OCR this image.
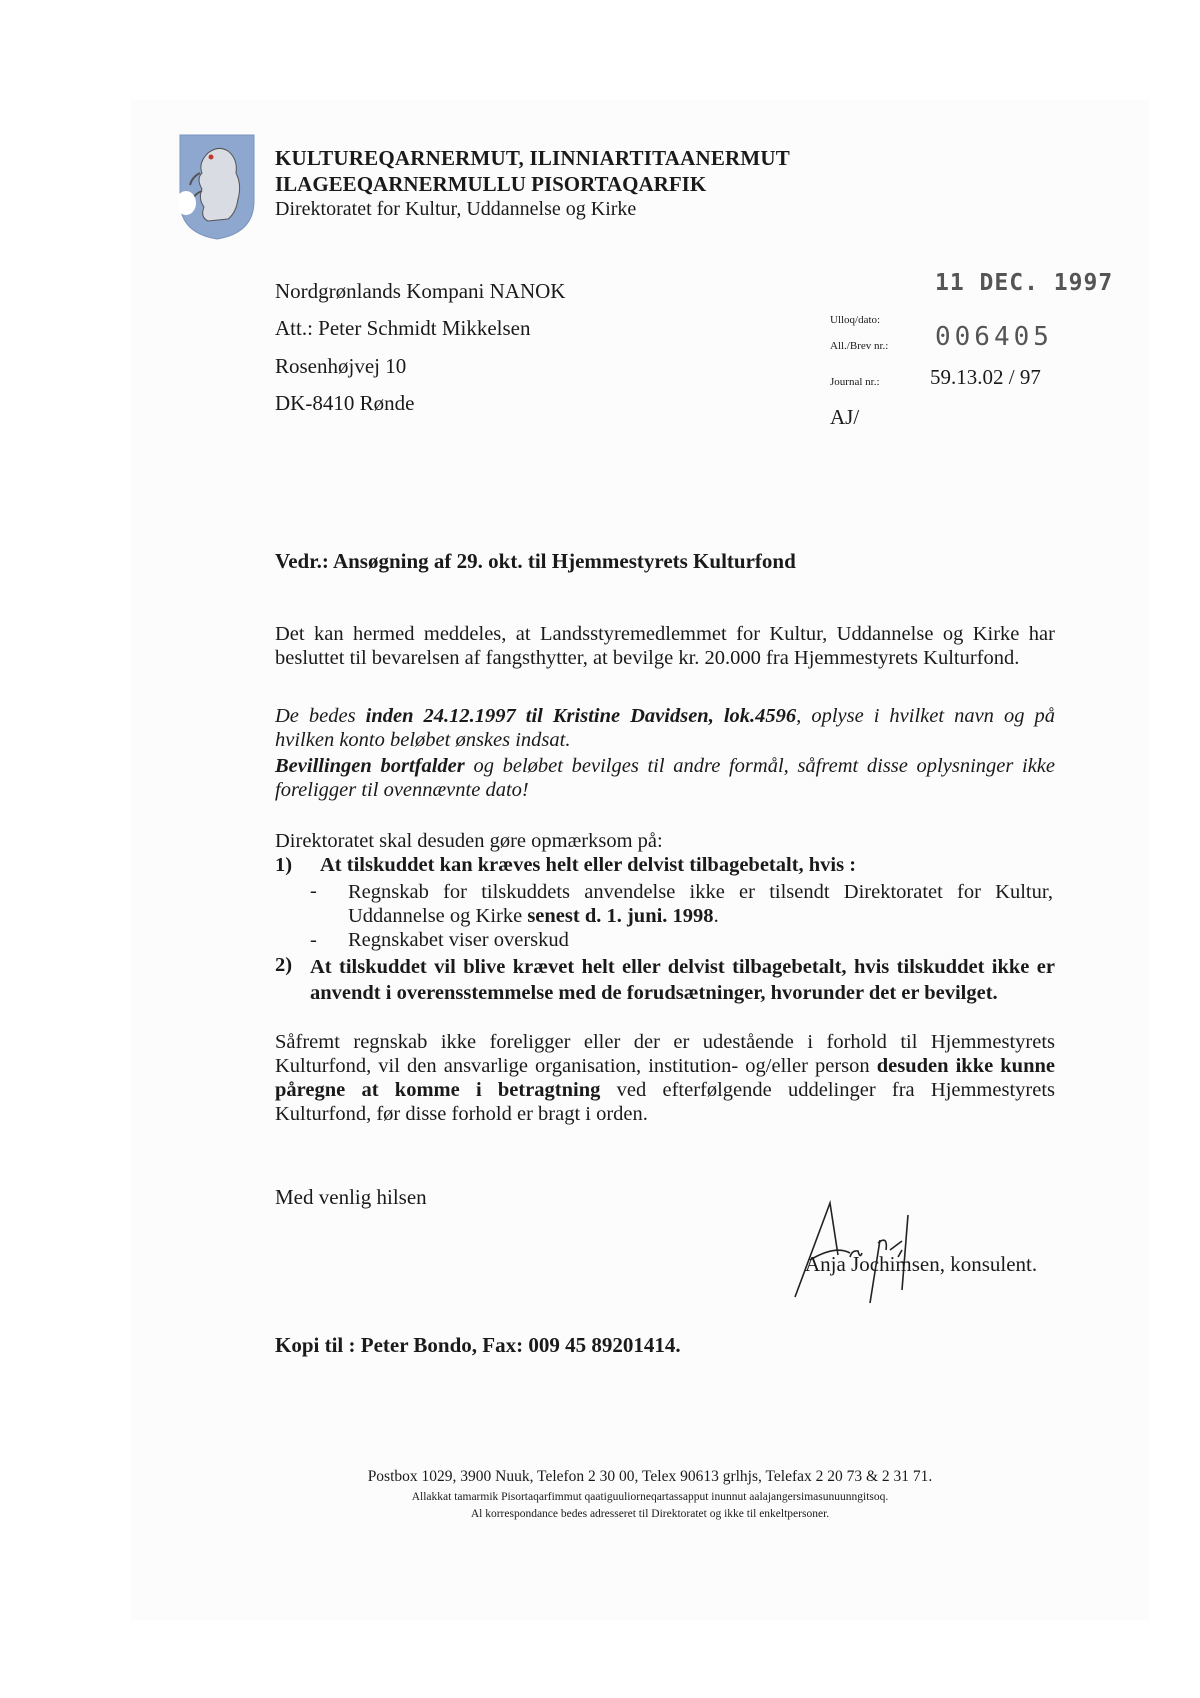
KULTUREQARNERMUT, ILINNIARTITAANERMUT
ILAGEEQARNERMULLU PISORTAQARFIK
Direktoratet for Kultur, Uddannelse og Kirke
Nordgrønlands Kompani NANOK
Att.: Peter Schmidt Mikkelsen
Rosenhøjvej 10
DK-8410 Rønde
11 DEC. 1997
Ulloq/dato:
All./Brev nr.: 006405
Journal nr.: 59.13.02 / 97
AJ/
Vedr.: Ansøgning af 29. okt. til Hjemmestyrets Kulturfond
Det kan hermed meddeles, at Landsstyremedlemmet for Kultur, Uddannelse og Kirke har besluttet til bevarelsen af fangsthytter, at bevilge kr. 20.000 fra Hjemmestyrets Kulturfond.
De bedes inden 24.12.1997 til Kristine Davidsen, lok.4596, oplyse i hvilket navn og på hvilken konto beløbet ønskes indsat.
Bevillingen bortfalder og beløbet bevilges til andre formål, såfremt disse oplysninger ikke foreligger til ovennævnte dato!
Direktoratet skal desuden gøre opmærksom på:
1) At tilskuddet kan kræves helt eller delvist tilbagebetalt, hvis :
- Regnskab for tilskuddets anvendelse ikke er tilsendt Direktoratet for Kultur, Uddannelse og Kirke senest d. 1. juni. 1998.
- Regnskabet viser overskud
2) At tilskuddet vil blive krævet helt eller delvist tilbagebetalt, hvis tilskuddet ikke er anvendt i overensstemmelse med de forudsætninger, hvorunder det er bevilget.
Såfremt regnskab ikke foreligger eller der er udestående i forhold til Hjemmestyrets Kulturfond, vil den ansvarlige organisation, institution- og/eller person desuden ikke kunne påregne at komme i betragtning ved efterfølgende uddelinger fra Hjemmestyrets Kulturfond, før disse forhold er bragt i orden.
Med venlig hilsen
Anja Jochimsen, konsulent.
Kopi til : Peter Bondo, Fax: 009 45 89201414.
Postbox 1029, 3900 Nuuk, Telefon 2 30 00, Telex 90613 grlhjs, Telefax 2 20 73 & 2 31 71.
Allakkat tamarmik Pisortaqarfimmut qaatiguuliorneqartassapput inunnut aalajangersimasunuunngitsoq.
Al korrespondance bedes adresseret til Direktoratet og ikke til enkeltpersoner.
